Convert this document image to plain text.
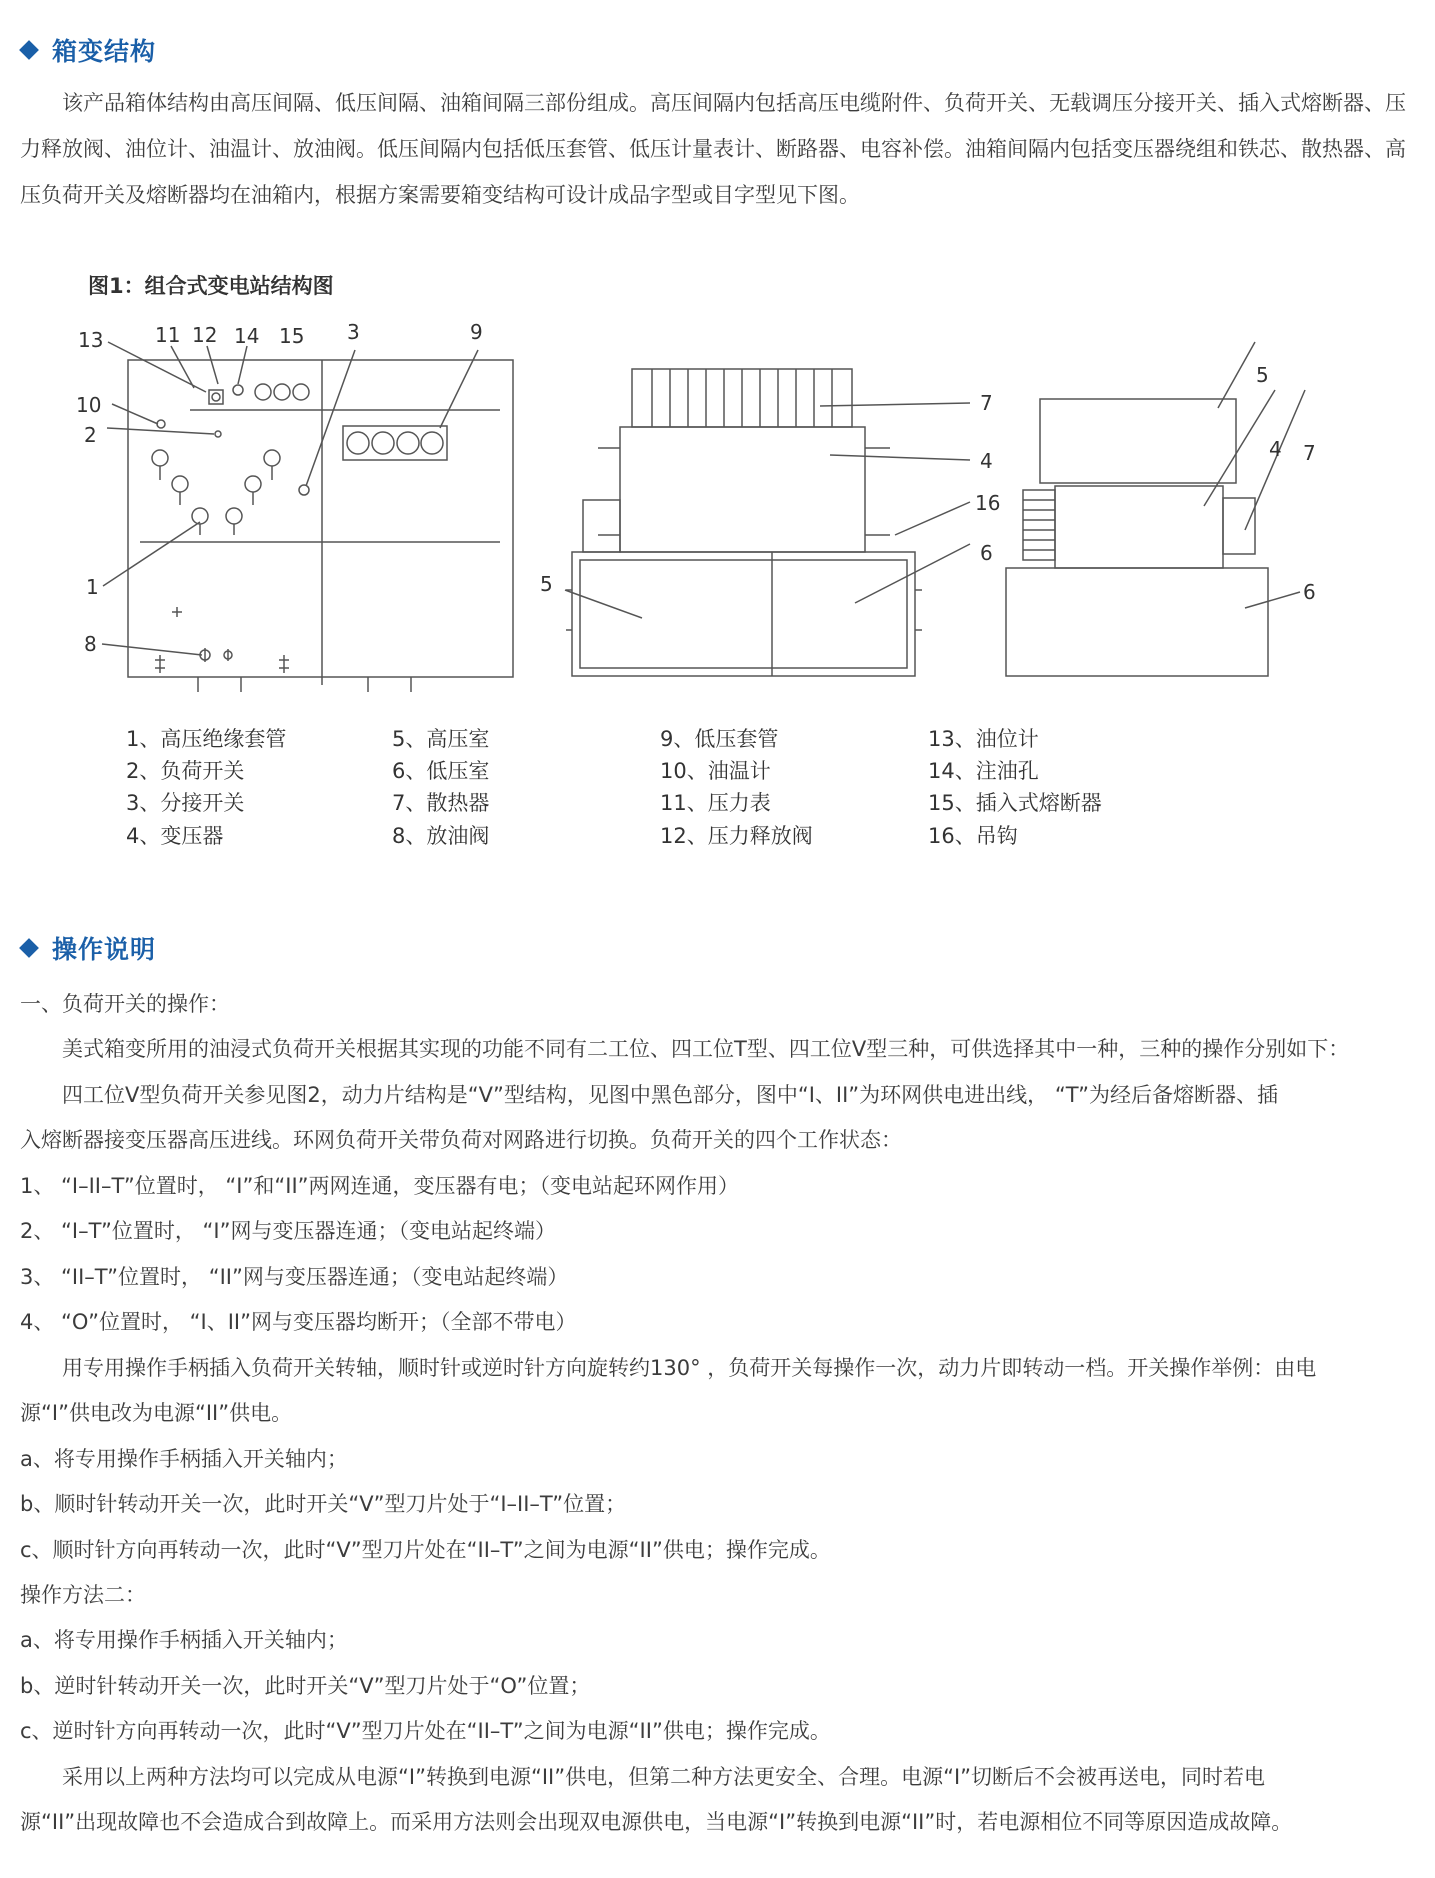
箱变结构
该产品箱体结构由高压间隔、低压间隔、油箱间隔三部份组成。高压间隔内包括高压电缆附件、负荷开关、无载调压分接开关、插入式熔断器、压力释放阀、油位计、油温计、放油阀。低压间隔内包括低压套管、低压计量表计、断路器、电容补偿。油箱间隔内包括变压器绕组和铁芯、散热器、高压负荷开关及熔断器均在油箱内，根据方案需要箱变结构可设计成品字型或目字型见下图。
图1：组合式变电站结构图
13	11 12 14 15 3	9
10
2
1
8
7
4
16
6
5
5
4 7
6
1、高压绝缘套管
2、负荷开关
3、分接开关
4、变压器
5、高压室
6、低压室
7、散热器
8、放油阀
9、低压套管
10、油温计
11、压力表
12、压力释放阀
13、油位计
14、注油孔
15、插入式熔断器
16、吊钩
操作说明
一、负荷开关的操作：
美式箱变所用的油浸式负荷开关根据其实现的功能不同有二工位、四工位T型、四工位V型三种，可供选择其中一种，三种的操作分别如下：
四工位V型负荷开关参见图2，动力片结构是“V”型结构，见图中黑色部分，图中“I、II”为环网供电进出线， “T”为经后备熔断器、插
入熔断器接变压器高压进线。环网负荷开关带负荷对网路进行切换。负荷开关的四个工作状态：
1、 “I–II–T”位置时， “I”和“II”两网连通，变压器有电；（变电站起环网作用）
2、 “I–T”位置时， “I”网与变压器连通；（变电站起终端）
3、 “II–T”位置时， “II”网与变压器连通；（变电站起终端）
4、 “O”位置时， “I、II”网与变压器均断开；（全部不带电）
用专用操作手柄插入负荷开关转轴，顺时针或逆时针方向旋转约130° ，负荷开关每操作一次，动力片即转动一档。开关操作举例：由电
源“I”供电改为电源“II”供电。
a、将专用操作手柄插入开关轴内；
b、顺时针转动开关一次，此时开关“V”型刀片处于“I–II–T”位置；
c、顺时针方向再转动一次，此时“V”型刀片处在“II–T”之间为电源“II”供电；操作完成。
操作方法二：
a、将专用操作手柄插入开关轴内；
b、逆时针转动开关一次，此时开关“V”型刀片处于“O”位置；
c、逆时针方向再转动一次，此时“V”型刀片处在“II–T”之间为电源“II”供电；操作完成。
采用以上两种方法均可以完成从电源“I”转换到电源“II”供电，但第二种方法更安全、合理。电源“I”切断后不会被再送电，同时若电
源“II”出现故障也不会造成合到故障上。而采用方法则会出现双电源供电，当电源“I”转换到电源“II”时，若电源相位不同等原因造成故障。
